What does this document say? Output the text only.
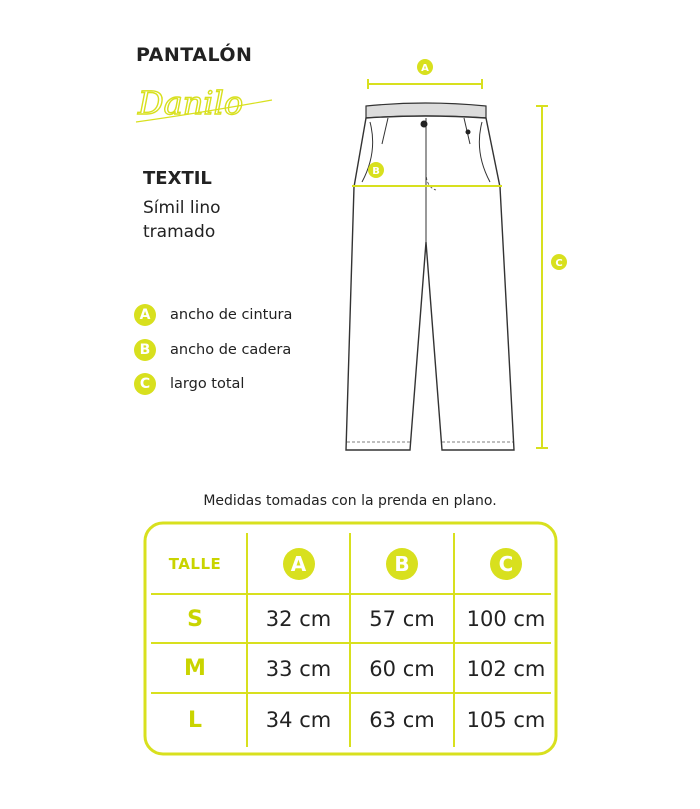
PANTALÓN
Danilo
TEXTIL
Símil lino
tramado
A	ancho de cintura
B	ancho de cadera
C	largo total
A
C
B
Medidas tomadas con la prenda en plano.
TALLE	A	B	C
S	32 cm	57 cm	100 cm
M	33 cm	60 cm	102 cm
L	34 cm	63 cm	105 cm
